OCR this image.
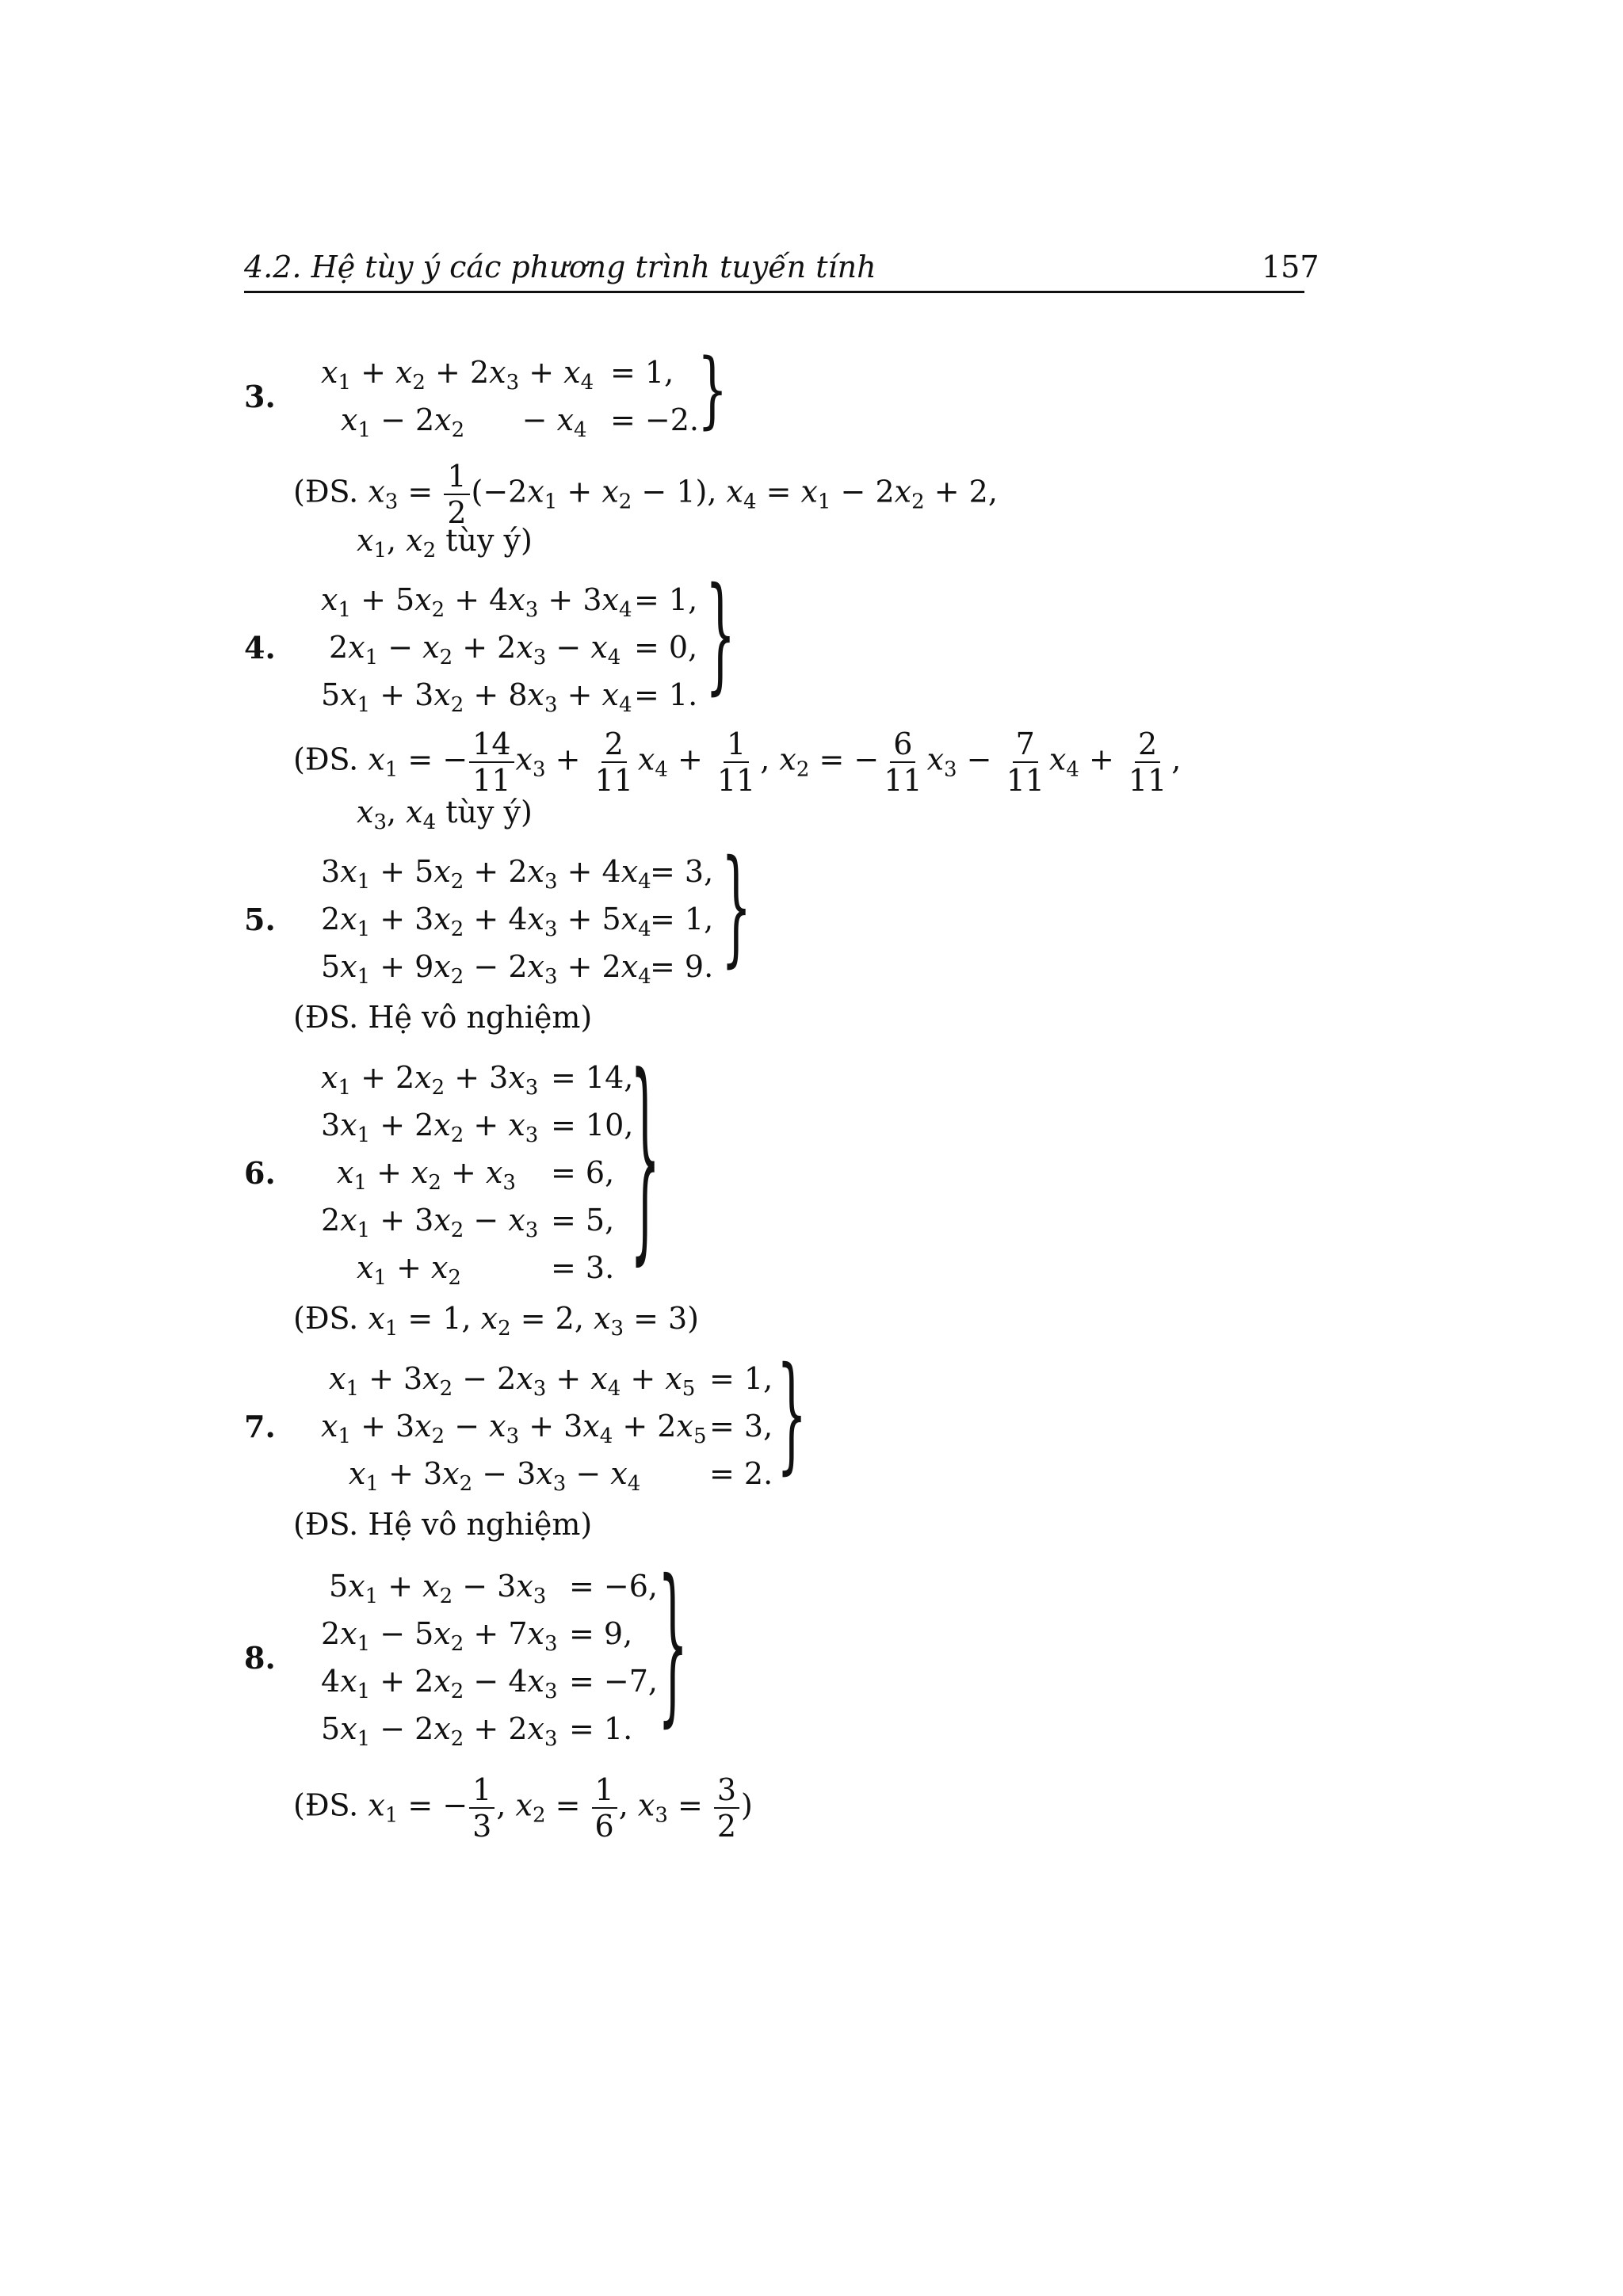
4.2. Hệ tùy ý các phương trình tuyến tính	157
3.
$x_1 + x_2 + 2x_3 + x_4 = 1$,
$x_1 - 2x_2$      − $x_4 = -2$.
}
(ĐS. $x_3 = \frac{1}{2} (-2x_1 + x_2 - 1)$, $x_4 = x_1 - 2x_2 + 2$,
$x_1$, $x_2$ tùy ý)
4.
$x_1 + 5x_2 + 4x_3 + 3x_4 = 1$,
$2x_1 - x_2 + 2x_3 - x_4 = 0$,
$5x_1 + 3x_2 + 8x_3 + x_4 = 1$. }
(ĐS. $x_1$ = − $\frac{14}{11} x_3 + \frac{2}{11} x_4 + \frac{1}{11}$ , $x_2$ = − $\frac{6}{11} x_3 - \frac{7}{11} x_4 + \frac{2}{11}$ ,
$x_3$, $x_4$ tùy ý)
5.
$3x_1 + 5x_2 + 2x_3 + 4x_4$
= 3,
$2x_1 + 3x_2 + 4x_3 + 5x_4$
= 1,
$5x_1 + 9x_2 - 2x_3 + 2x_4$
= 9. }
(ĐS. Hệ vô nghiệm)
6.
$x_1 + 2x_2 + 3x_3 = 14$,
$3x_1 + 2x_2 + x_3 = 10$,
$x_1 + x_2 + x_3 = 6$,
$2x_1 + 3x_2 - x_3 = 5$,
$x_1 + x_2$	= 3. }
(ĐS. $x_1 = 1$, $x_2 = 2$, $x_3 = 3$)
7.
$x_1 + 3x_2 - 2x_3 + x_4 + x_5 = 1$,
$x_1 + 3x_2 - x_3 + 3x_4 + 2x_5 = 3$,
$x_1 + 3x_2 - 3x_3 - x_4 = 2$. }
(ĐS. Hệ vô nghiệm)
8.
$5x_1 + x_2 - 3x_3 = -6$,
$2x_1 - 5x_2 + 7x_3 = 9$,
$4x_1 + 2x_2 - 4x_3 = -7$,
$5x_1 - 2x_2 + 2x_3 = 1$. }
(ĐS. $x_1$ = − $\frac{1}{3}$ , $x_2 = \frac{1}{6}$ , $x_3 = \frac{3}{2}$ )
